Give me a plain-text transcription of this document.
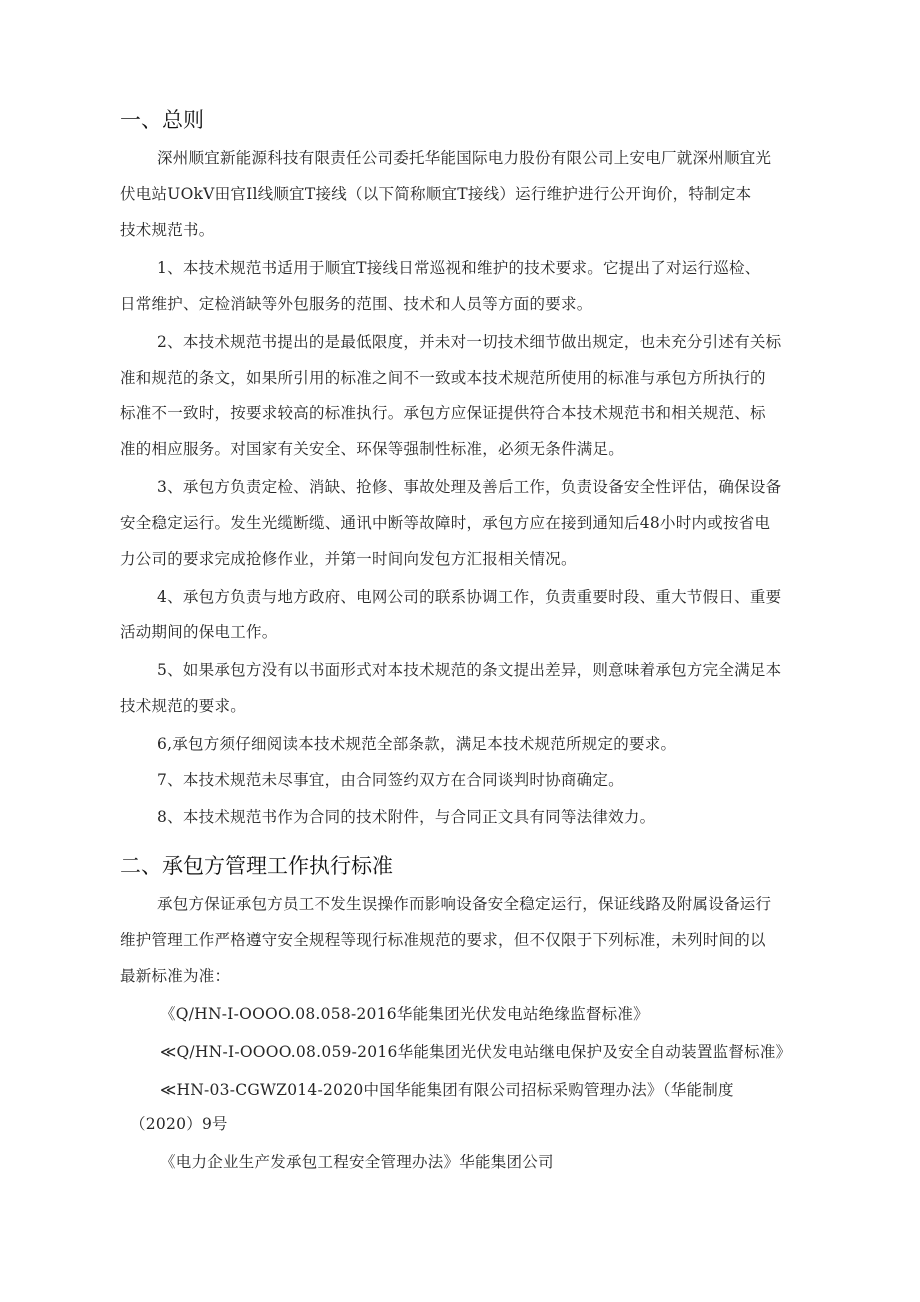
一、总则

深州顺宜新能源科技有限责任公司委托华能国际电力股份有限公司上安电厂就深州顺宜光

伏电站UOkV田官Il线顺宜T接线（以下简称顺宜T接线）运行维护进行公开询价，特制定本

技术规范书。

1、本技术规范书适用于顺宜T接线日常巡视和维护的技术要求。它提出了对运行巡检、

日常维护、定检消缺等外包服务的范围、技术和人员等方面的要求。

2、本技术规范书提出的是最低限度，并未对一切技术细节做出规定，也未充分引述有关标

准和规范的条文，如果所引用的标准之间不一致或本技术规范所使用的标准与承包方所执行的

标准不一致时，按要求较高的标准执行。承包方应保证提供符合本技术规范书和相关规范、标

准的相应服务。对国家有关安全、环保等强制性标准，必须无条件满足。

3、承包方负责定检、消缺、抢修、事故处理及善后工作，负责设备安全性评估，确保设备

安全稳定运行。发生光缆断缆、通讯中断等故障时，承包方应在接到通知后48小时内或按省电

力公司的要求完成抢修作业，并第一时间向发包方汇报相关情况。

4、承包方负责与地方政府、电网公司的联系协调工作，负责重要时段、重大节假日、重要

活动期间的保电工作。

5、如果承包方没有以书面形式对本技术规范的条文提出差异，则意味着承包方完全满足本

技术规范的要求。

6,承包方须仔细阅读本技术规范全部条款，满足本技术规范所规定的要求。

7、本技术规范未尽事宜，由合同签约双方在合同谈判时协商确定。

8、本技术规范书作为合同的技术附件，与合同正文具有同等法律效力。

二、承包方管理工作执行标准

承包方保证承包方员工不发生误操作而影响设备安全稳定运行，保证线路及附属设备运行

维护管理工作严格遵守安全规程等现行标准规范的要求，但不仅限于下列标准，未列时间的以

最新标准为准：

《Q/HN-I-OOOO.08.058-2016华能集团光伏发电站绝缘监督标准》

≪Q/HN-I-OOOO.08.059-2016华能集团光伏发电站继电保护及安全自动装置监督标准》

≪HN-03-CGWZ014-2020中国华能集团有限公司招标采购管理办法》（华能制度

（2020）9号

《电力企业生产发承包工程安全管理办法》华能集团公司
